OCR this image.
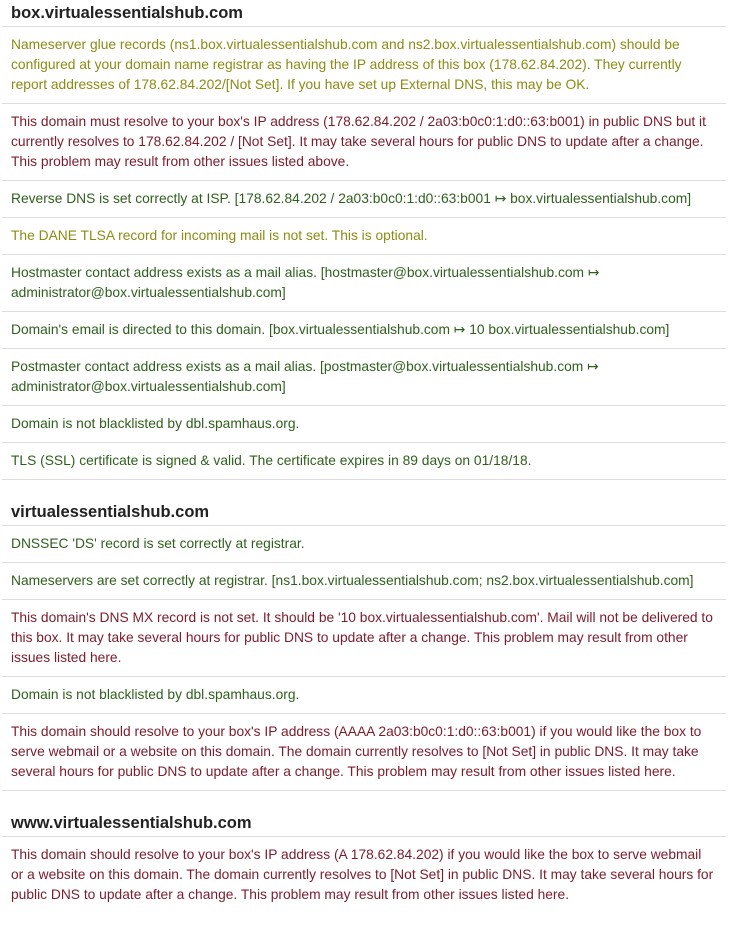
box.virtualessentialshub.com
Nameserver glue records (ns1.box.virtualessentialshub.com and ns2.box.virtualessentialshub.com) should be configured at your domain name registrar as having the IP address of this box (178.62.84.202). They currently report addresses of 178.62.84.202/[Not Set]. If you have set up External DNS, this may be OK.
This domain must resolve to your box's IP address (178.62.84.202 / 2a03:b0c0:1:d0::63:b001) in public DNS but it currently resolves to 178.62.84.202 / [Not Set]. It may take several hours for public DNS to update after a change. This problem may result from other issues listed above.
Reverse DNS is set correctly at ISP. [178.62.84.202 / 2a03:b0c0:1:d0::63:b001 ↦ box.virtualessentialshub.com]
The DANE TLSA record for incoming mail is not set. This is optional.
Hostmaster contact address exists as a mail alias. [hostmaster@box.virtualessentialshub.com ↦ administrator@box.virtualessentialshub.com]
Domain's email is directed to this domain. [box.virtualessentialshub.com ↦ 10 box.virtualessentialshub.com]
Postmaster contact address exists as a mail alias. [postmaster@box.virtualessentialshub.com ↦ administrator@box.virtualessentialshub.com]
Domain is not blacklisted by dbl.spamhaus.org.
TLS (SSL) certificate is signed & valid. The certificate expires in 89 days on 01/18/18.
virtualessentialshub.com
DNSSEC 'DS' record is set correctly at registrar.
Nameservers are set correctly at registrar. [ns1.box.virtualessentialshub.com; ns2.box.virtualessentialshub.com]
This domain's DNS MX record is not set. It should be '10 box.virtualessentialshub.com'. Mail will not be delivered to this box. It may take several hours for public DNS to update after a change. This problem may result from other issues listed here.
Domain is not blacklisted by dbl.spamhaus.org.
This domain should resolve to your box's IP address (AAAA 2a03:b0c0:1:d0::63:b001) if you would like the box to serve webmail or a website on this domain. The domain currently resolves to [Not Set] in public DNS. It may take several hours for public DNS to update after a change. This problem may result from other issues listed here.
www.virtualessentialshub.com
This domain should resolve to your box's IP address (A 178.62.84.202) if you would like the box to serve webmail or a website on this domain. The domain currently resolves to [Not Set] in public DNS. It may take several hours for public DNS to update after a change. This problem may result from other issues listed here.
